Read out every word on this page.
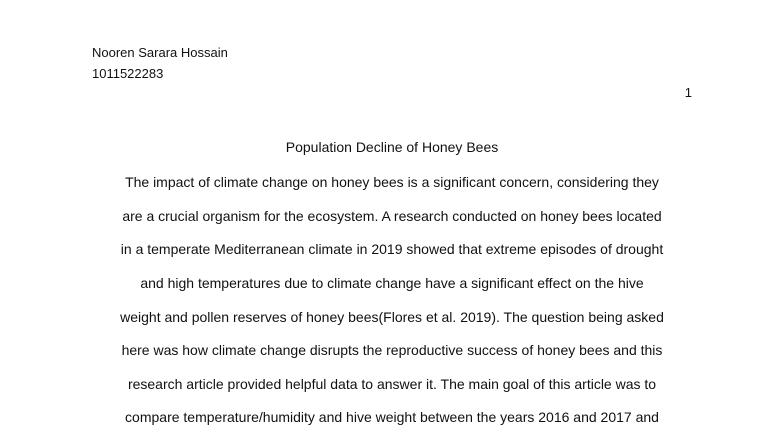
Nooren Sarara Hossain
1011522283
1
Population Decline of Honey Bees
The impact of climate change on honey bees is a significant concern, considering they
are a crucial organism for the ecosystem. A research conducted on honey bees located
in a temperate Mediterranean climate in 2019 showed that extreme episodes of drought
and high temperatures due to climate change have a significant effect on the hive
weight and pollen reserves of honey bees(Flores et al. 2019). The question being asked
here was how climate change disrupts the reproductive success of honey bees and this
research article provided helpful data to answer it. The main goal of this article was to
compare temperature/humidity and hive weight between the years 2016 and 2017 and
